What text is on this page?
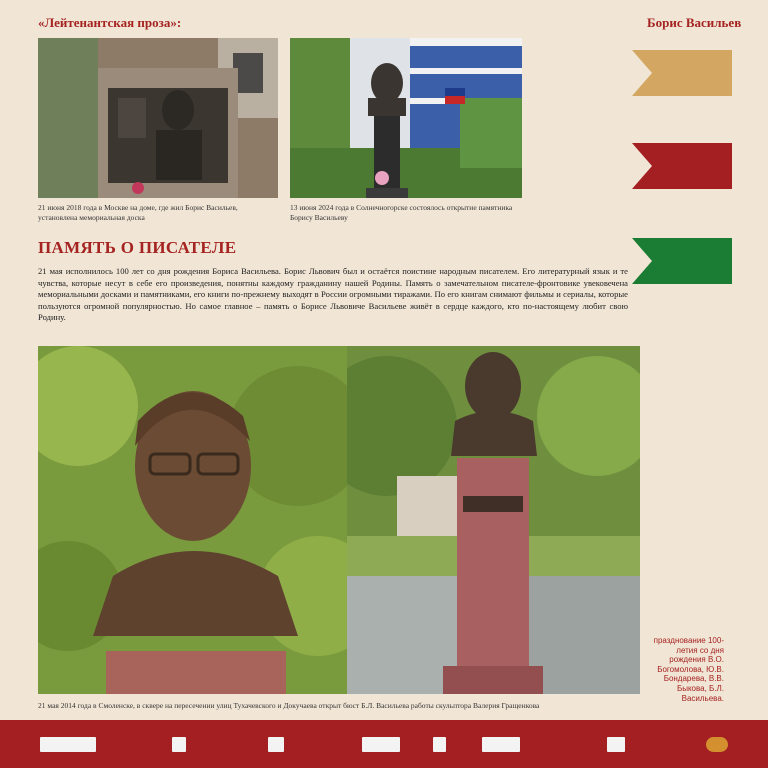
«Лейтенантская проза»:	Борис Васильев
21 июня 2018 года в Москве на доме, где жил Борис Васильев, установлена мемориальная доска
13 июня 2024 года в Солнечногорске состоялось открытие памятника Борису Васильеву
ПАМЯТЬ О ПИСАТЕЛЕ
21 мая исполнилось 100 лет со дня рождения Бориса Васильева. Борис Львович был и остаётся поистине народным писателем. Его литературный язык и те чувства, которые несут в себе его произведения, понятны каждому гражданину нашей Родины. Память о замечательном писателе-фронтовике увековечена мемориальными досками и памятниками, его книги по-прежнему выходят в России огромными тиражами. По его книгам снимают фильмы и сериалы, которые пользуются огромной популярностью. Но самое главное – память о Борисе Львовиче Васильеве живёт в сердце каждого, кто по-настоящему любит свою Родину.
21 мая 2014 года в Смоленске, в сквере на пересечении улиц Тухачевского и Докучаева открыт бюст Б.Л. Васильева работы скульптора Валерия Гращенкова
празднование 100-летия со дня рождения В.О. Богомолова, Ю.В. Бондарева, В.В. Быкова, Б.Л. Васильева.
